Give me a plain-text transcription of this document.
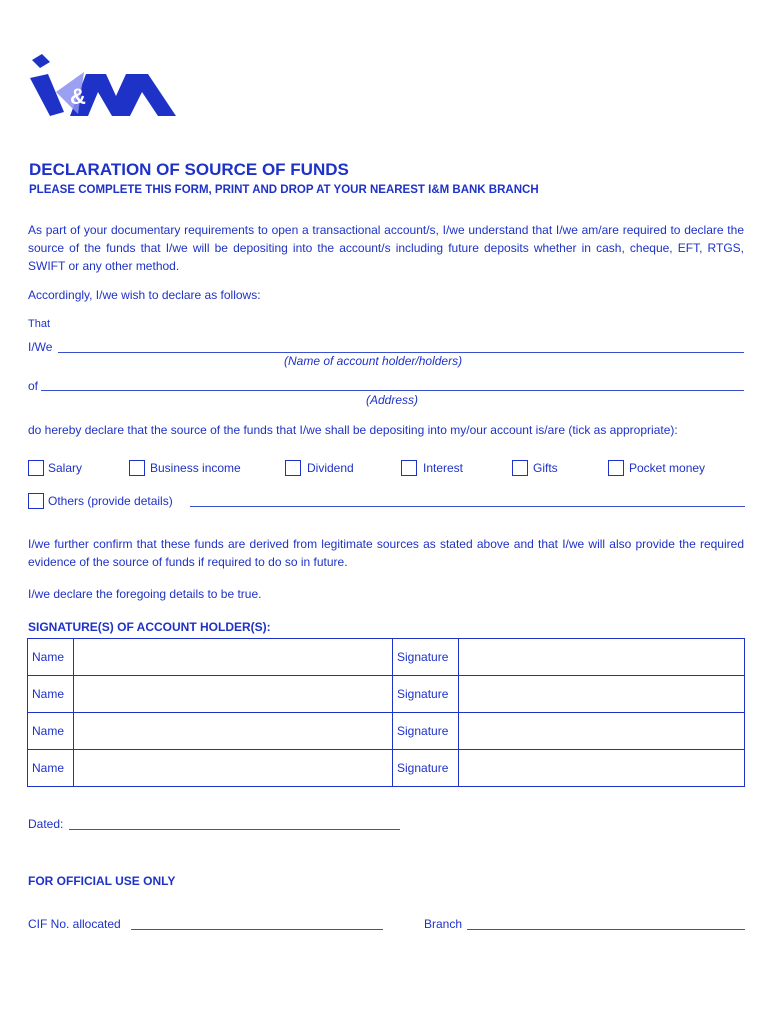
&
DECLARATION OF SOURCE OF FUNDS
PLEASE COMPLETE THIS FORM, PRINT AND DROP AT YOUR NEAREST I&M BANK BRANCH
As part of your documentary requirements to open a transactional account/s, I/we understand that I/we am/are required to declare the source of the funds that I/we will be depositing into the account/s including future deposits whether in cash, cheque, EFT, RTGS, SWIFT or any other method.
Accordingly, I/we wish to declare as follows:
That
I/We
(Name of account holder/holders)
of
(Address)
do hereby declare that the source of the funds that I/we shall be depositing into my/our account is/are (tick as appropriate):
Salary	Business income	Dividend	Interest	Gifts	Pocket money
Others (provide details)
I/we further confirm that these funds are derived from legitimate sources as stated above and that I/we will also provide the required evidence of the source of funds if required to do so in future.
I/we declare the foregoing details to be true.
SIGNATURE(S) OF ACCOUNT HOLDER(S):
Name		Signature	
Name		Signature	
Name		Signature	
Name		Signature	
Dated:
FOR OFFICIAL USE ONLY
CIF No. allocated	Branch
